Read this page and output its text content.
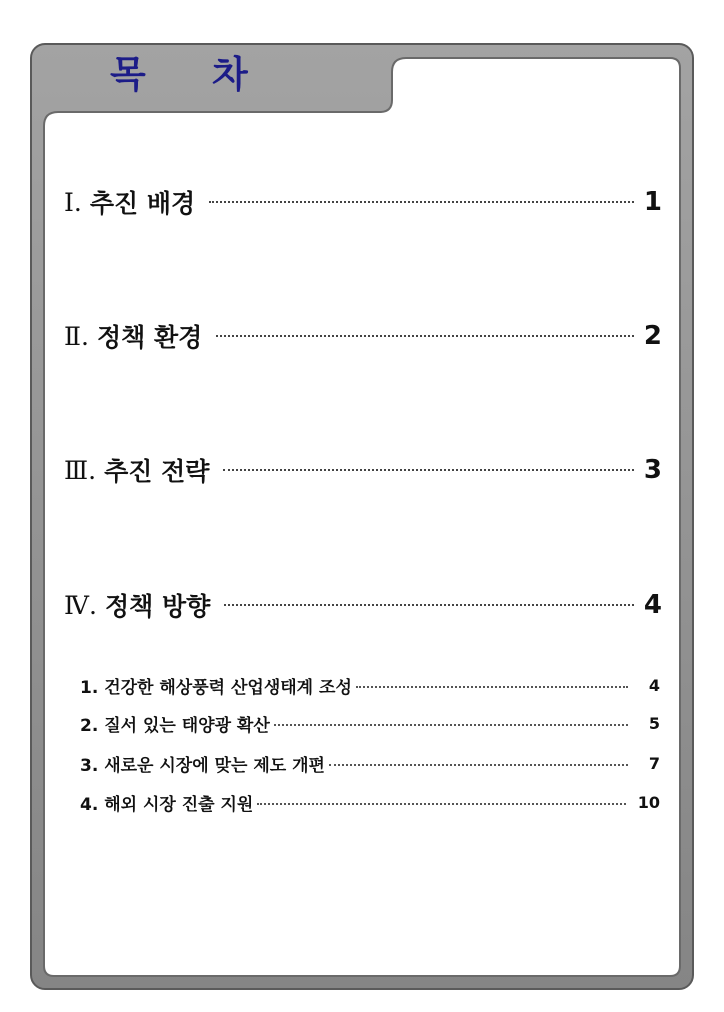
목 차
Ⅰ. 추진 배경	1
Ⅱ. 정책 환경	2
Ⅲ. 추진 전략	3
Ⅳ. 정책 방향	4
1. 건강한 해상풍력 산업생태계 조성	4
2. 질서 있는 태양광 확산	5
3. 새로운 시장에 맞는 제도 개편	7
4. 해외 시장 진출 지원	10
